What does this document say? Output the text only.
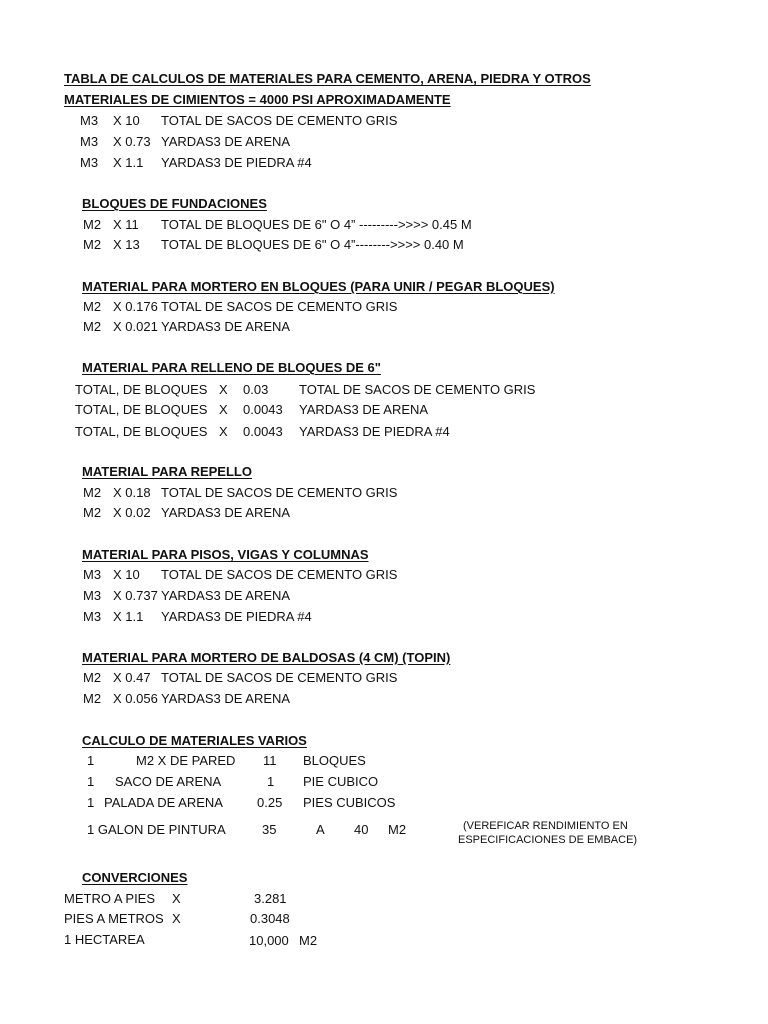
TABLA DE CALCULOS DE MATERIALES PARA CEMENTO, ARENA, PIEDRA Y OTROS
MATERIALES DE CIMIENTOS = 4000 PSI APROXIMADAMENTE
M3 X 10 TOTAL DE SACOS DE CEMENTO GRIS
M3 X 0.73 YARDAS3 DE ARENA
M3 X 1.1 YARDAS3 DE PIEDRA #4
BLOQUES DE FUNDACIONES
M2 X 11 TOTAL DE BLOQUES DE 6" O 4” --------->>>> 0.45 M
M2 X 13 TOTAL DE BLOQUES DE 6" O 4”-------->>>> 0.40 M
MATERIAL PARA MORTERO EN BLOQUES (PARA UNIR / PEGAR BLOQUES)
M2 X 0.176 TOTAL DE SACOS DE CEMENTO GRIS
M2 X 0.021 YARDAS3 DE ARENA
MATERIAL PARA RELLENO DE BLOQUES DE 6"
TOTAL, DE BLOQUES X 0.03 TOTAL DE SACOS DE CEMENTO GRIS
TOTAL, DE BLOQUES X 0.0043 YARDAS3 DE ARENA
TOTAL, DE BLOQUES X 0.0043 YARDAS3 DE PIEDRA #4
MATERIAL PARA REPELLO
M2 X 0.18 TOTAL DE SACOS DE CEMENTO GRIS
M2 X 0.02 YARDAS3 DE ARENA
MATERIAL PARA PISOS, VIGAS Y COLUMNAS
M3 X 10 TOTAL DE SACOS DE CEMENTO GRIS
M3 X 0.737 YARDAS3 DE ARENA
M3 X 1.1 YARDAS3 DE PIEDRA #4
MATERIAL PARA MORTERO DE BALDOSAS (4 CM) (TOPIN)
M2 X 0.47 TOTAL DE SACOS DE CEMENTO GRIS
M2 X 0.056 YARDAS3 DE ARENA
CALCULO DE MATERIALES VARIOS
1	M2 X DE PARED 11 BLOQUES
1 SACO DE ARENA	1 PIE CUBICO
1 PALADA DE ARENA	0.25 PIES CUBICOS
1 GALON DE PINTURA	35	A 40 M2	(VEREFICAR RENDIMIENTO EN
ESPECIFICACIONES DE EMBACE)
CONVERCIONES
METRO A PIES X	3.281
PIES A METROS X	0.3048
1 HECTAREA	10,000 M2
